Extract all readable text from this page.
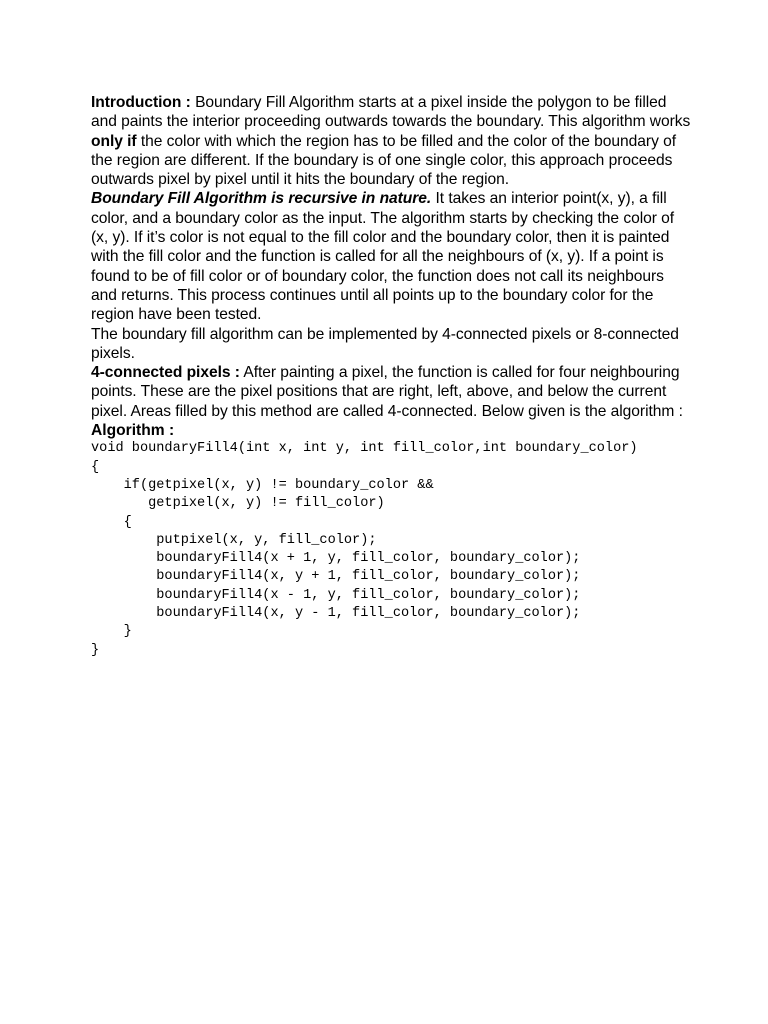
Introduction : Boundary Fill Algorithm starts at a pixel inside the polygon to be filled and paints the interior proceeding outwards towards the boundary. This algorithm works only if the color with which the region has to be filled and the color of the boundary of the region are different. If the boundary is of one single color, this approach proceeds outwards pixel by pixel until it hits the boundary of the region.

Boundary Fill Algorithm is recursive in nature. It takes an interior point(x, y), a fill color, and a boundary color as the input. The algorithm starts by checking the color of (x, y). If it’s color is not equal to the fill color and the boundary color, then it is painted with the fill color and the function is called for all the neighbours of (x, y). If a point is found to be of fill color or of boundary color, the function does not call its neighbours and returns. This process continues until all points up to the boundary color for the region have been tested.

The boundary fill algorithm can be implemented by 4-connected pixels or 8-connected pixels.

4-connected pixels : After painting a pixel, the function is called for four neighbouring points. These are the pixel positions that are right, left, above, and below the current pixel. Areas filled by this method are called 4-connected. Below given is the algorithm :

Algorithm :

void boundaryFill4(int x, int y, int fill_color,int boundary_color)
{
if(getpixel(x, y) != boundary_color &&
getpixel(x, y) != fill_color)
{
putpixel(x, y, fill_color);
boundaryFill4(x + 1, y, fill_color, boundary_color);
boundaryFill4(x, y + 1, fill_color, boundary_color);
boundaryFill4(x - 1, y, fill_color, boundary_color);
boundaryFill4(x, y - 1, fill_color, boundary_color);
}
}
